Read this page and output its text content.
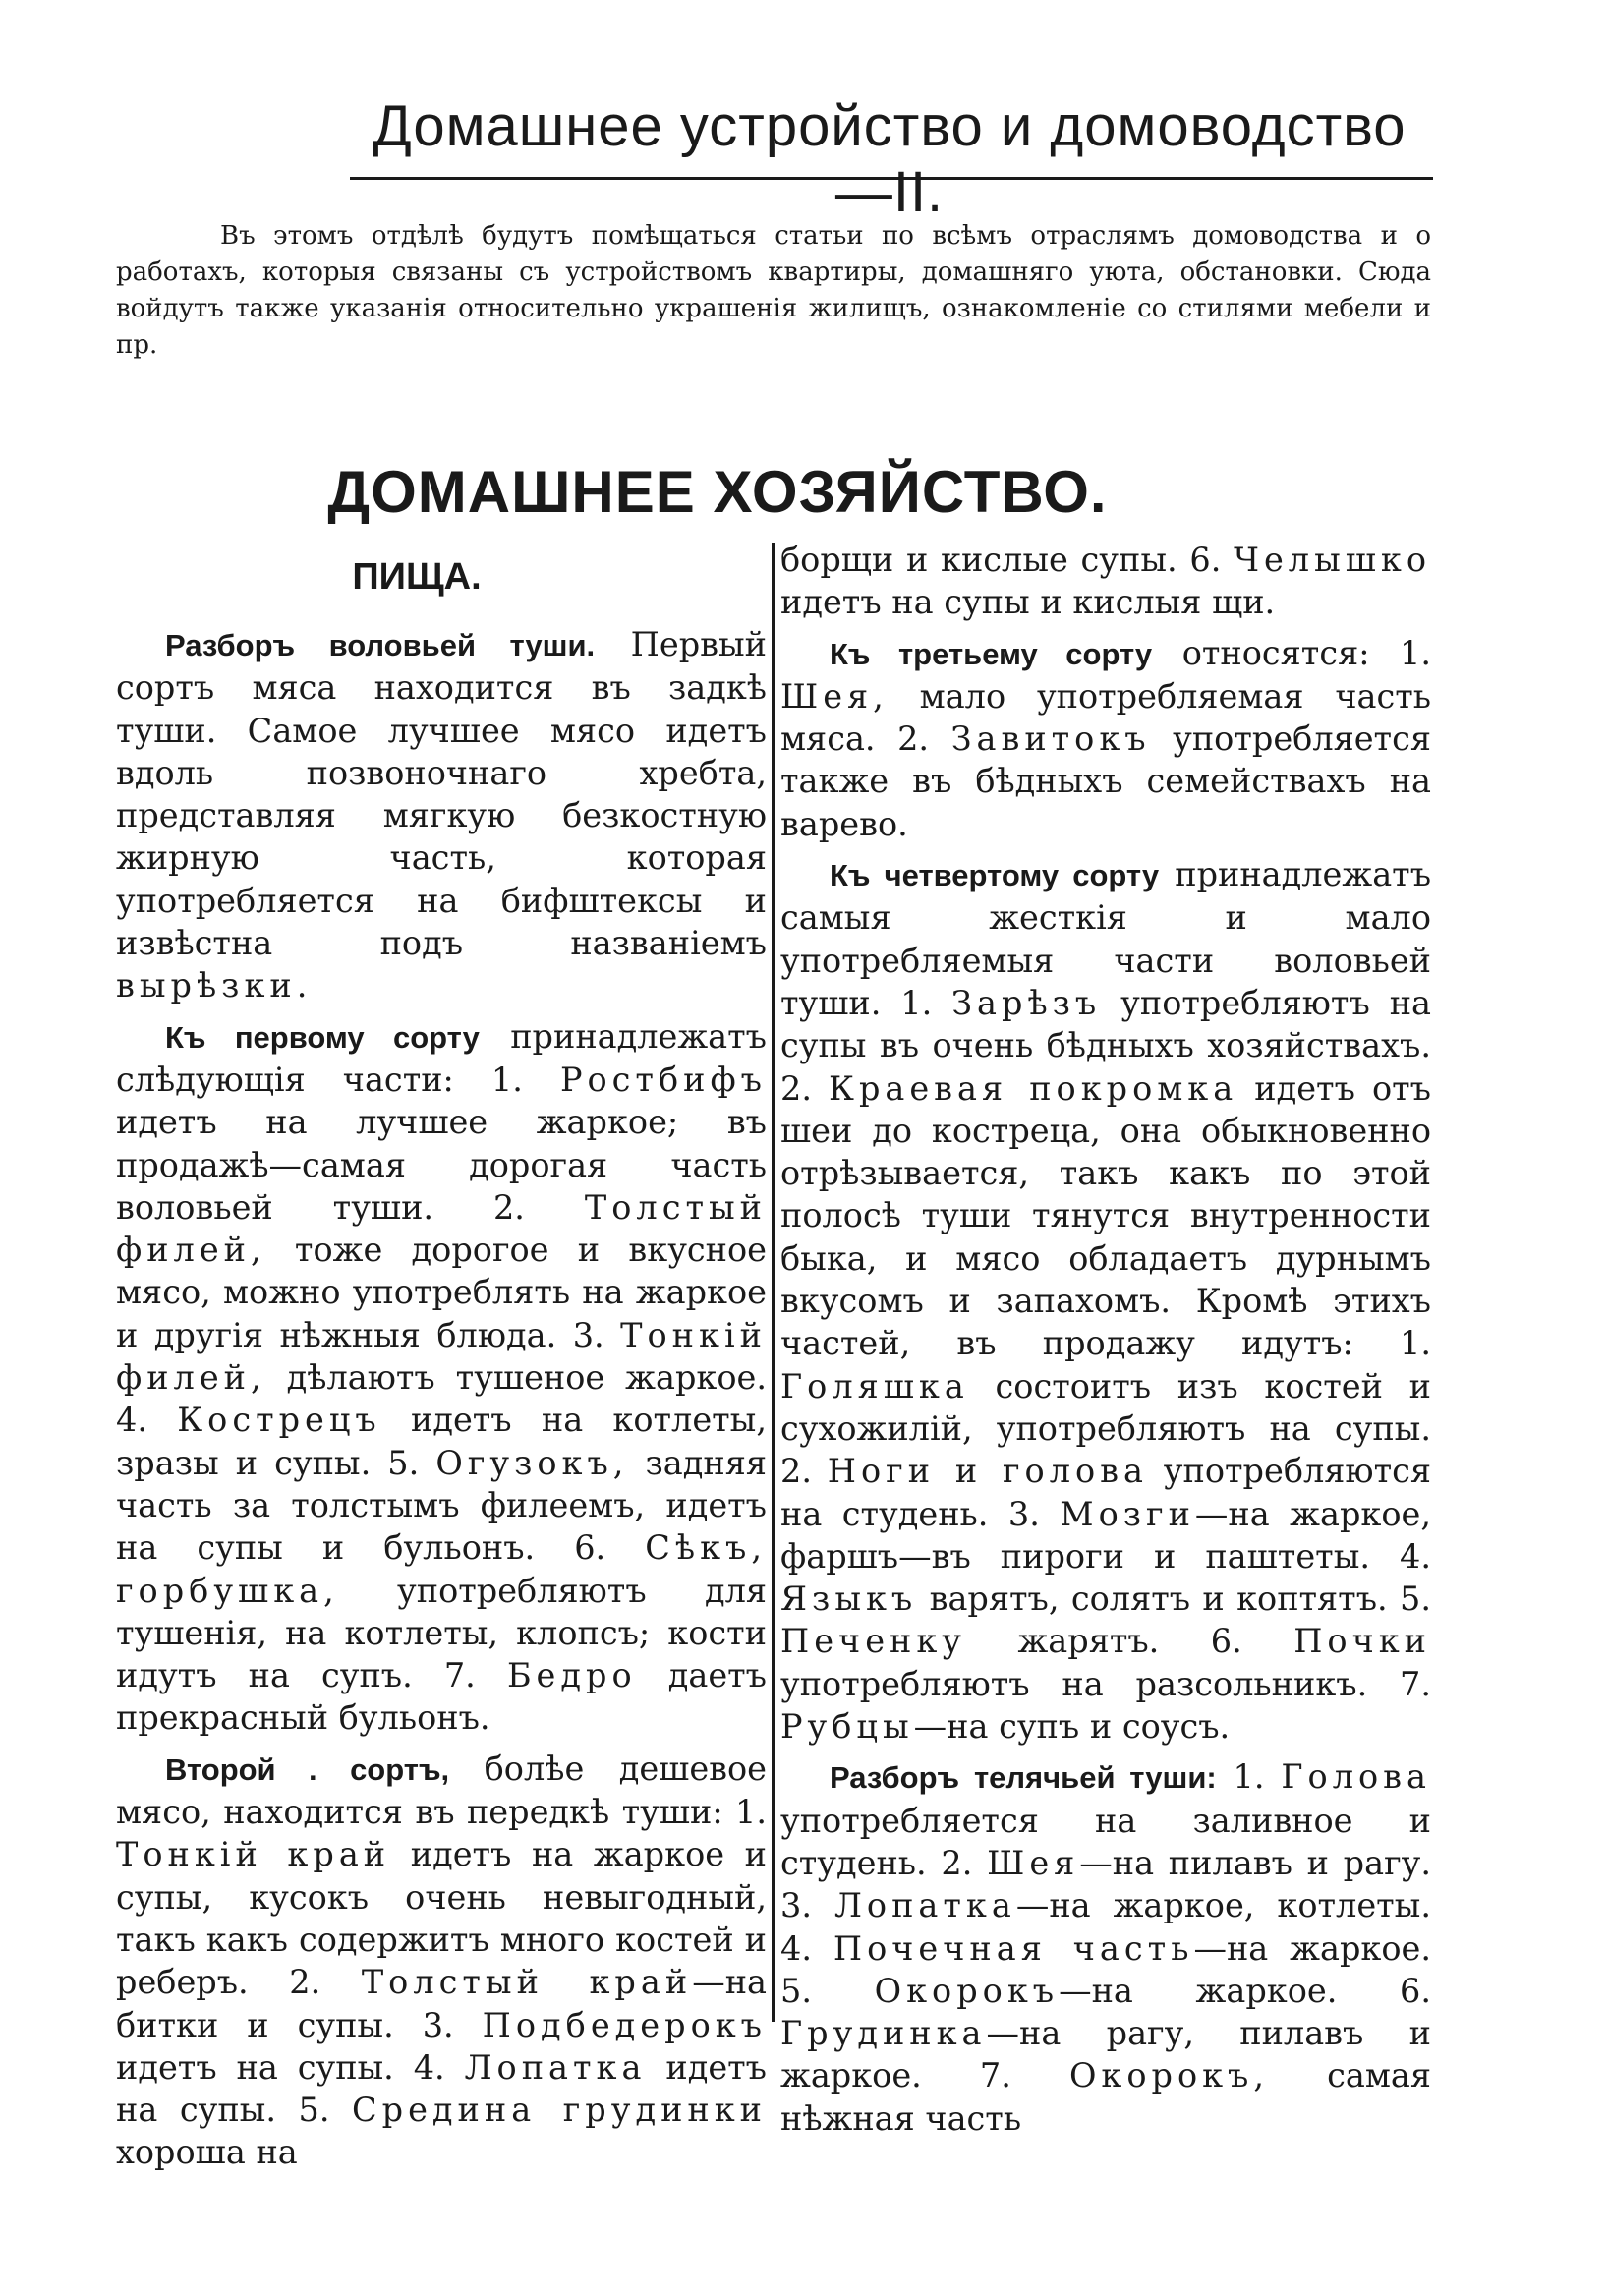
Домашнее устройство и домоводство—II.

Въ этомъ отдѣлѣ будутъ помѣщаться статьи по всѣмъ отраслямъ домоводства и о работахъ, которыя связаны съ устройствомъ квартиры, домашняго уюта, обстановки. Сюда войдутъ также указанія относительно украшенія жилищъ, ознакомленіе со стилями мебели и пр.

ДОМАШНЕЕ ХОЗЯЙСТВО.
ПИЩА.

Разборъ воловьей туши. Первый сортъ мяса находится въ задкѣ туши. Самое лучшее мясо идетъ вдоль позвоночнаго хребта, представляя мягкую безкостную жирную часть, которая употребляется на бифштексы и извѣстна подъ названіемъ вырѣзки.

Къ первому сорту принадлежатъ слѣдующія части: 1. Ростбифъ идетъ на лучшее жаркое; въ продажѣ—самая дорогая часть воловьей туши. 2. Толстый филей, тоже дорогое и вкусное мясо, можно употреблять на жаркое и другія нѣжныя блюда. 3. Тонкій филей, дѣлаютъ тушеное жаркое. 4. Кострецъ идетъ на котлеты, зразы и супы. 5. Огузокъ, задняя часть за толстымъ филеемъ, идетъ на супы и бульонъ. 6. Сѣкъ, горбушка, употребляютъ для тушенія, на котлеты, клопсъ; кости идутъ на супъ. 7. Бедро даетъ прекрасный бульонъ.

Второй . сортъ, болѣе дешевое мясо, находится въ передкѣ туши: 1. Тонкій край идетъ на жаркое и супы, кусокъ очень невыгодный, такъ какъ содержитъ много костей и реберъ. 2. Толстый край—на битки и супы. 3. Подбедерокъ идетъ на супы. 4. Лопатка идетъ на супы. 5. Средина грудинки хороша на

борщи и кислые супы. 6. Челышко идетъ на супы и кислыя щи.

Къ третьему сорту относятся: 1. Шея, мало употребляемая часть мяса. 2. Завитокъ употребляется также въ бѣдныхъ семействахъ на варево.

Къ четвертому сорту принадлежатъ самыя жесткія и мало употребляемыя части воловьей туши. 1. Зарѣзъ употребляютъ на супы въ очень бѣдныхъ хозяйствахъ. 2. Краевая покромка идетъ отъ шеи до костреца, она обыкновенно отрѣзывается, такъ какъ по этой полосѣ туши тянутся внутренности быка, и мясо обладаетъ дурнымъ вкусомъ и запахомъ. Кромѣ этихъ частей, въ продажу идутъ: 1. Голяшка состоитъ изъ костей и сухожилій, употребляютъ на супы. 2. Ноги и голова употребляются на студень. 3. Мозги—на жаркое, фаршъ—въ пироги и паштеты. 4. Языкъ варятъ, солятъ и коптятъ. 5. Печенку жарятъ. 6. Почки употребляютъ на разсольникъ. 7. Рубцы—на супъ и соусъ.

Разборъ телячьей туши: 1. Голова употребляется на заливное и студень. 2. Шея—на пилавъ и рагу. 3. Лопатка—на жаркое, котлеты. 4. Почечная часть—на жаркое. 5. Окорокъ—на жаркое. 6. Грудинка—на рагу, пилавъ и жаркое. 7. Окорокъ, самая нѣжная часть
